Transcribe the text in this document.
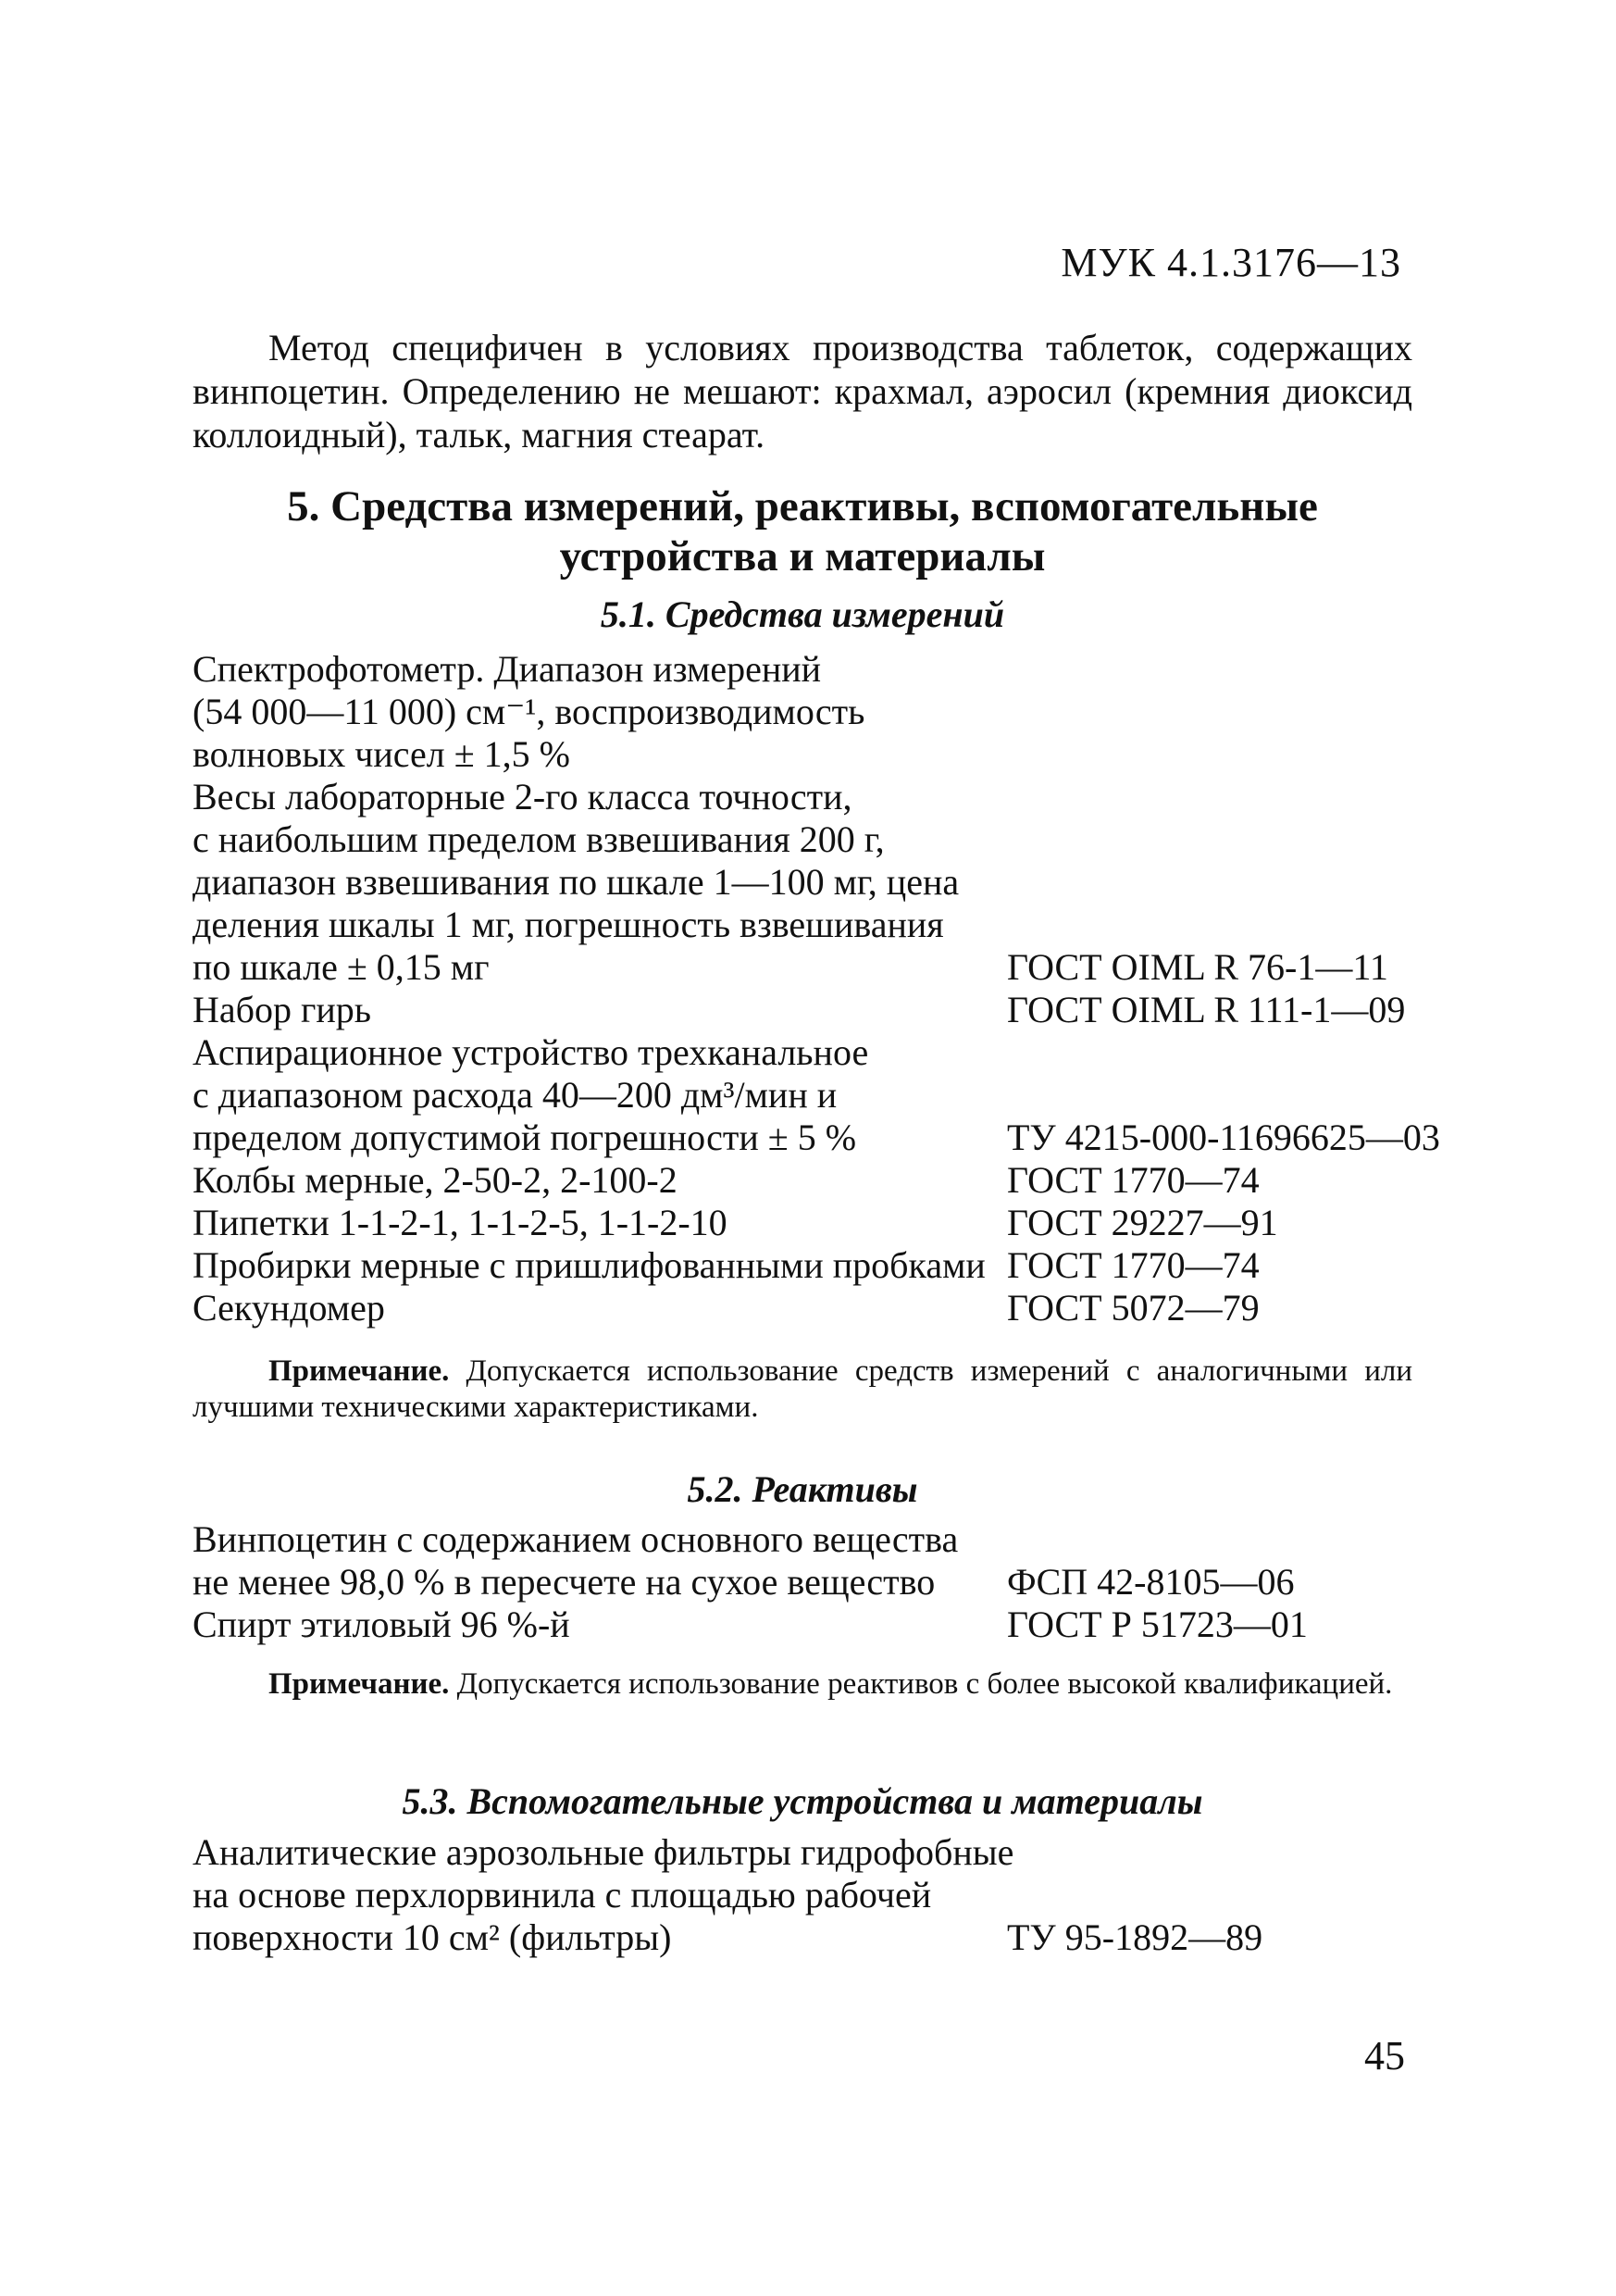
МУК 4.1.3176—13
Метод специфичен в условиях производства таблеток, содержащих винпоцетин. Определению не мешают: крахмал, аэросил (кремния диоксид коллоидный), тальк, магния стеарат.
5. Средства измерений, реактивы, вспомогательные
устройства и материалы
5.1. Средства измерений
Спектрофотометр. Диапазон измерений
(54 000—11 000) см⁻¹, воспроизводимость
волновых чисел ± 1,5 %
Весы лабораторные 2-го класса точности,
с наибольшим пределом взвешивания 200 г,
диапазон взвешивания по шкале 1—100 мг, цена
деления шкалы 1 мг, погрешность взвешивания
по шкале ± 0,15 мг	ГОСТ OIML R 76-1—11
Набор гирь	ГОСТ OIML R 111-1—09
Аспирационное устройство трехканальное
с диапазоном расхода 40—200 дм³/мин и
пределом допустимой погрешности ± 5 %	ТУ 4215-000-11696625—03
Колбы мерные, 2-50-2, 2-100-2	ГОСТ 1770—74
Пипетки 1-1-2-1, 1-1-2-5, 1-1-2-10	ГОСТ 29227—91
Пробирки мерные с пришлифованными пробками ГОСТ 1770—74
Секундомер	ГОСТ 5072—79
Примечание. Допускается использование средств измерений с аналогичными или лучшими техническими характеристиками.
5.2. Реактивы
Винпоцетин с содержанием основного вещества
не менее 98,0 % в пересчете на сухое вещество	ФСП 42-8105—06
Спирт этиловый 96 %-й	ГОСТ Р 51723—01
Примечание. Допускается использование реактивов с более высокой квалификацией.
5.3. Вспомогательные устройства и материалы
Аналитические аэрозольные фильтры гидрофобные
на основе перхлорвинила с площадью рабочей
поверхности 10 см² (фильтры)	ТУ 95-1892—89
45
